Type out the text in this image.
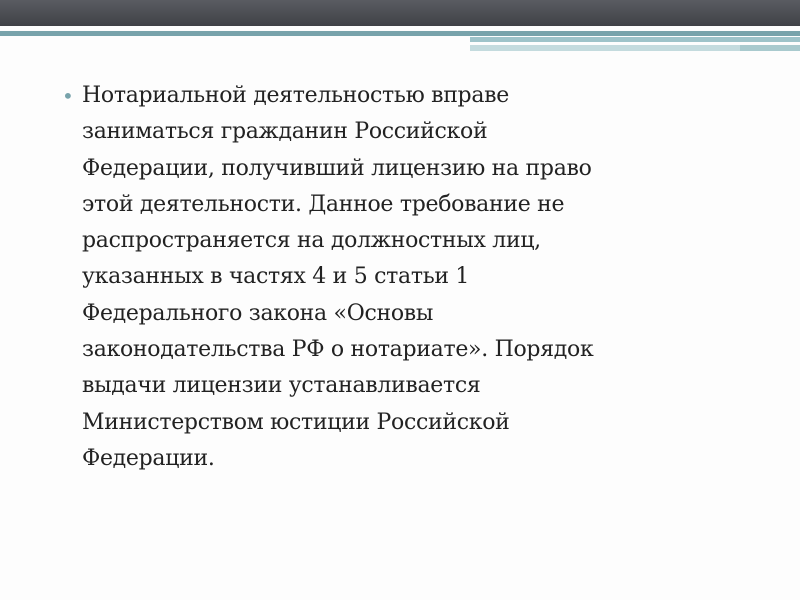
• Нотариальной деятельностью вправе
заниматься гражданин Российской
Федерации, получивший лицензию на право
этой деятельности. Данное требование не
распространяется на должностных лиц,
указанных в частях 4 и 5 статьи 1
Федерального закона «Основы
законодательства РФ о нотариате». Порядок
выдачи лицензии устанавливается
Министерством юстиции Российской
Федерации.
